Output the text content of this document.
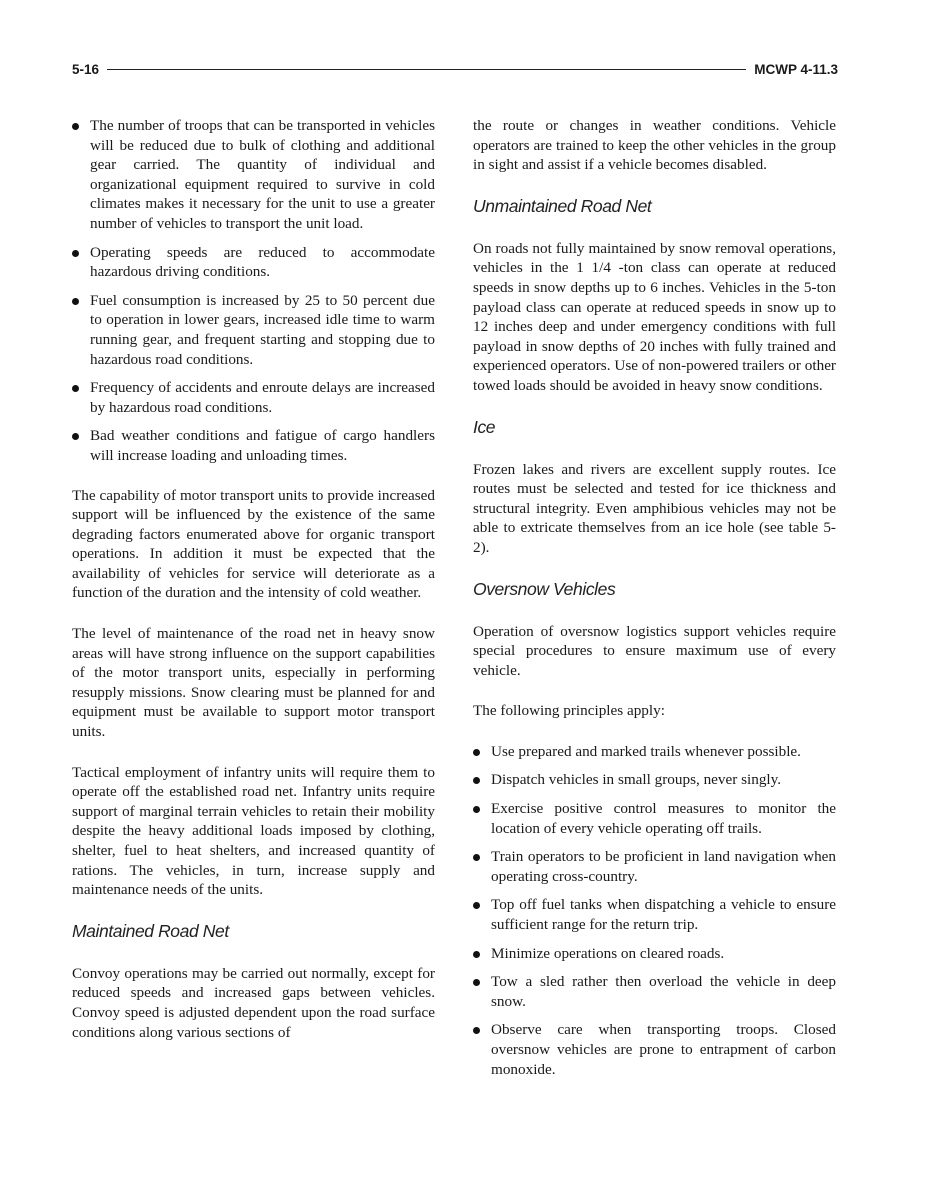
5-16	MCWP 4-11.3
The number of troops that can be transported in vehicles will be reduced due to bulk of clothing and additional gear carried. The quantity of individual and organizational equipment required to survive in cold climates makes it necessary for the unit to use a greater number of vehicles to transport the unit load.
Operating speeds are reduced to accommodate hazardous driving conditions.
Fuel consumption is increased by 25 to 50 percent due to operation in lower gears, increased idle time to warm running gear, and frequent starting and stopping due to hazardous road conditions.
Frequency of accidents and enroute delays are increased by hazardous road conditions.
Bad weather conditions and fatigue of cargo handlers will increase loading and unloading times.

The capability of motor transport units to provide increased support will be influenced by the existence of the same degrading factors enumerated above for organic transport operations. In addition it must be expected that the availability of vehicles for service will deteriorate as a function of the duration and the intensity of cold weather.

The level of maintenance of the road net in heavy snow areas will have strong influence on the support capabilities of the motor transport units, especially in performing resupply missions. Snow clearing must be planned for and equipment must be available to support motor transport units.

Tactical employment of infantry units will require them to operate off the established road net. Infantry units require support of marginal terrain vehicles to retain their mobility despite the heavy additional loads imposed by clothing, shelter, fuel to heat shelters, and increased quantity of rations. The vehicles, in turn, increase supply and maintenance needs of the units.

Maintained Road Net

Convoy operations may be carried out normally, except for reduced speeds and increased gaps between vehicles. Convoy speed is adjusted dependent upon the road surface conditions along various sections of

the route or changes in weather conditions. Vehicle operators are trained to keep the other vehicles in the group in sight and assist if a vehicle becomes disabled.

Unmaintained Road Net

On roads not fully maintained by snow removal operations, vehicles in the 1 1/4 -ton class can operate at reduced speeds in snow depths up to 6 inches. Vehicles in the 5-ton payload class can operate at reduced speeds in snow up to 12 inches deep and under emergency conditions with full payload in snow depths of 20 inches with fully trained and experienced operators. Use of non-powered trailers or other towed loads should be avoided in heavy snow conditions.

Ice

Frozen lakes and rivers are excellent supply routes. Ice routes must be selected and tested for ice thickness and structural integrity. Even amphibious vehicles may not be able to extricate themselves from an ice hole (see table 5-2).

Oversnow Vehicles

Operation of oversnow logistics support vehicles require special procedures to ensure maximum use of every vehicle.

The following principles apply:

Use prepared and marked trails whenever possible.
Dispatch vehicles in small groups, never singly.
Exercise positive control measures to monitor the location of every vehicle operating off trails.
Train operators to be proficient in land navigation when operating cross-country.
Top off fuel tanks when dispatching a vehicle to ensure sufficient range for the return trip.
Minimize operations on cleared roads.
Tow a sled rather then overload the vehicle in deep snow.
Observe care when transporting troops. Closed oversnow vehicles are prone to entrapment of carbon monoxide.
